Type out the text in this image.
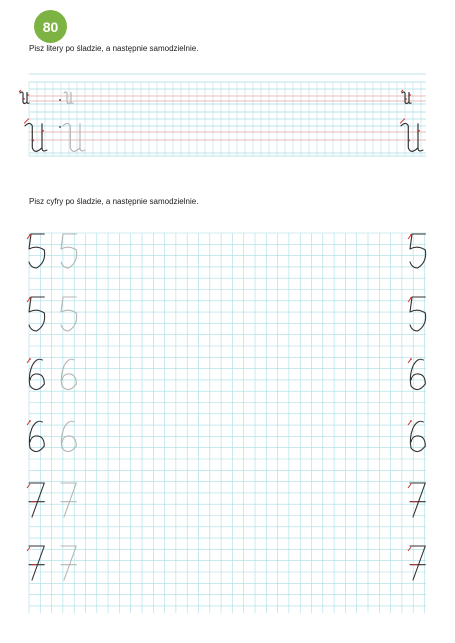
80
Pisz litery po śladzie, a następnie samodzielnie.
Pisz cyfry po śladzie, a następnie samodzielnie.
